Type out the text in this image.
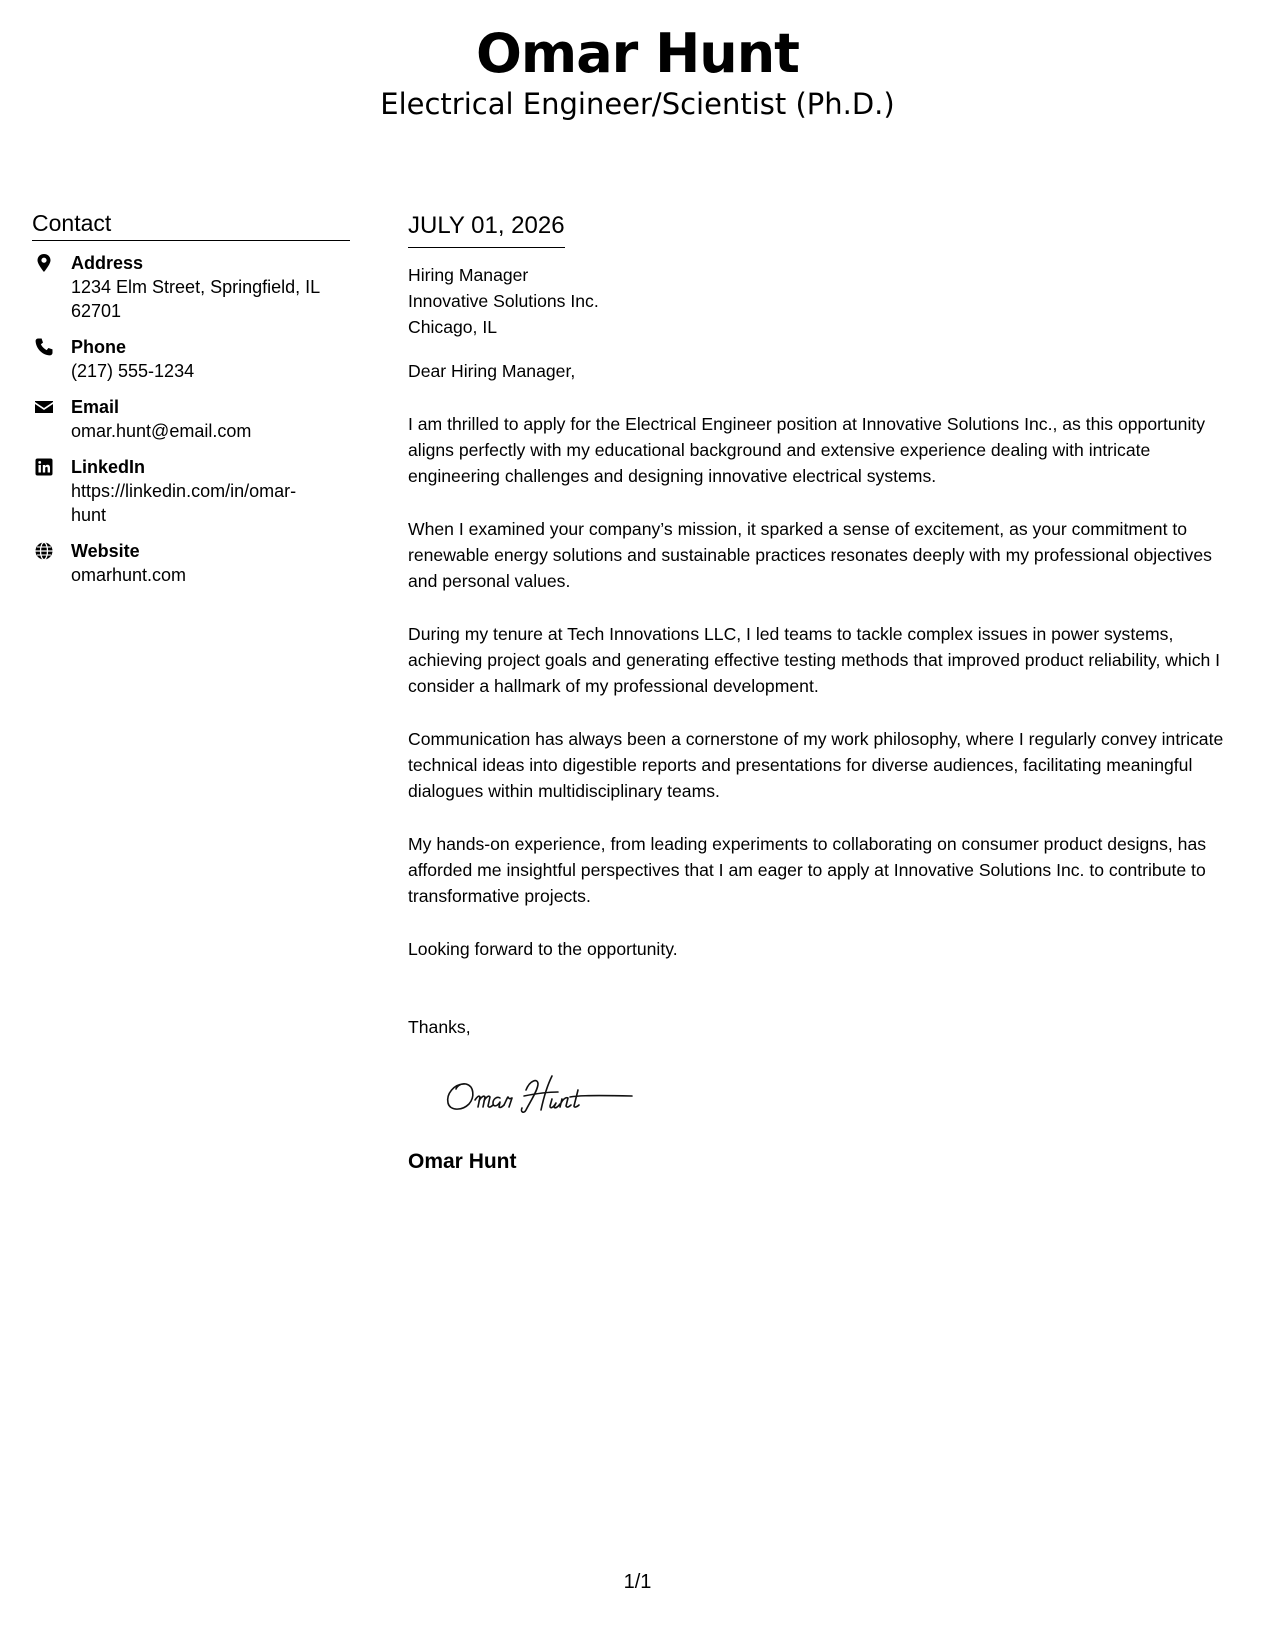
Omar Hunt
Electrical Engineer/Scientist (Ph.D.)
Contact
Address
1234 Elm Street, Springfield, IL 62701
Phone
(217) 555-1234
Email
omar.hunt@email.com
LinkedIn
https://linkedin.com/in/omar-hunt
Website
omarhunt.com
JULY 01, 2026
Hiring Manager
Innovative Solutions Inc.
Chicago, IL

Dear Hiring Manager,

I am thrilled to apply for the Electrical Engineer position at Innovative Solutions Inc., as this opportunity aligns perfectly with my educational background and extensive experience dealing with intricate engineering challenges and designing innovative electrical systems.

When I examined your company’s mission, it sparked a sense of excitement, as your commitment to renewable energy solutions and sustainable practices resonates deeply with my professional objectives and personal values.

During my tenure at Tech Innovations LLC, I led teams to tackle complex issues in power systems, achieving project goals and generating effective testing methods that improved product reliability, which I consider a hallmark of my professional development.

Communication has always been a cornerstone of my work philosophy, where I regularly convey intricate technical ideas into digestible reports and presentations for diverse audiences, facilitating meaningful dialogues within multidisciplinary teams.

My hands-on experience, from leading experiments to collaborating on consumer product designs, has afforded me insightful perspectives that I am eager to apply at Innovative Solutions Inc. to contribute to transformative projects.

Looking forward to the opportunity.

Thanks,
Omar Hunt
1/1
